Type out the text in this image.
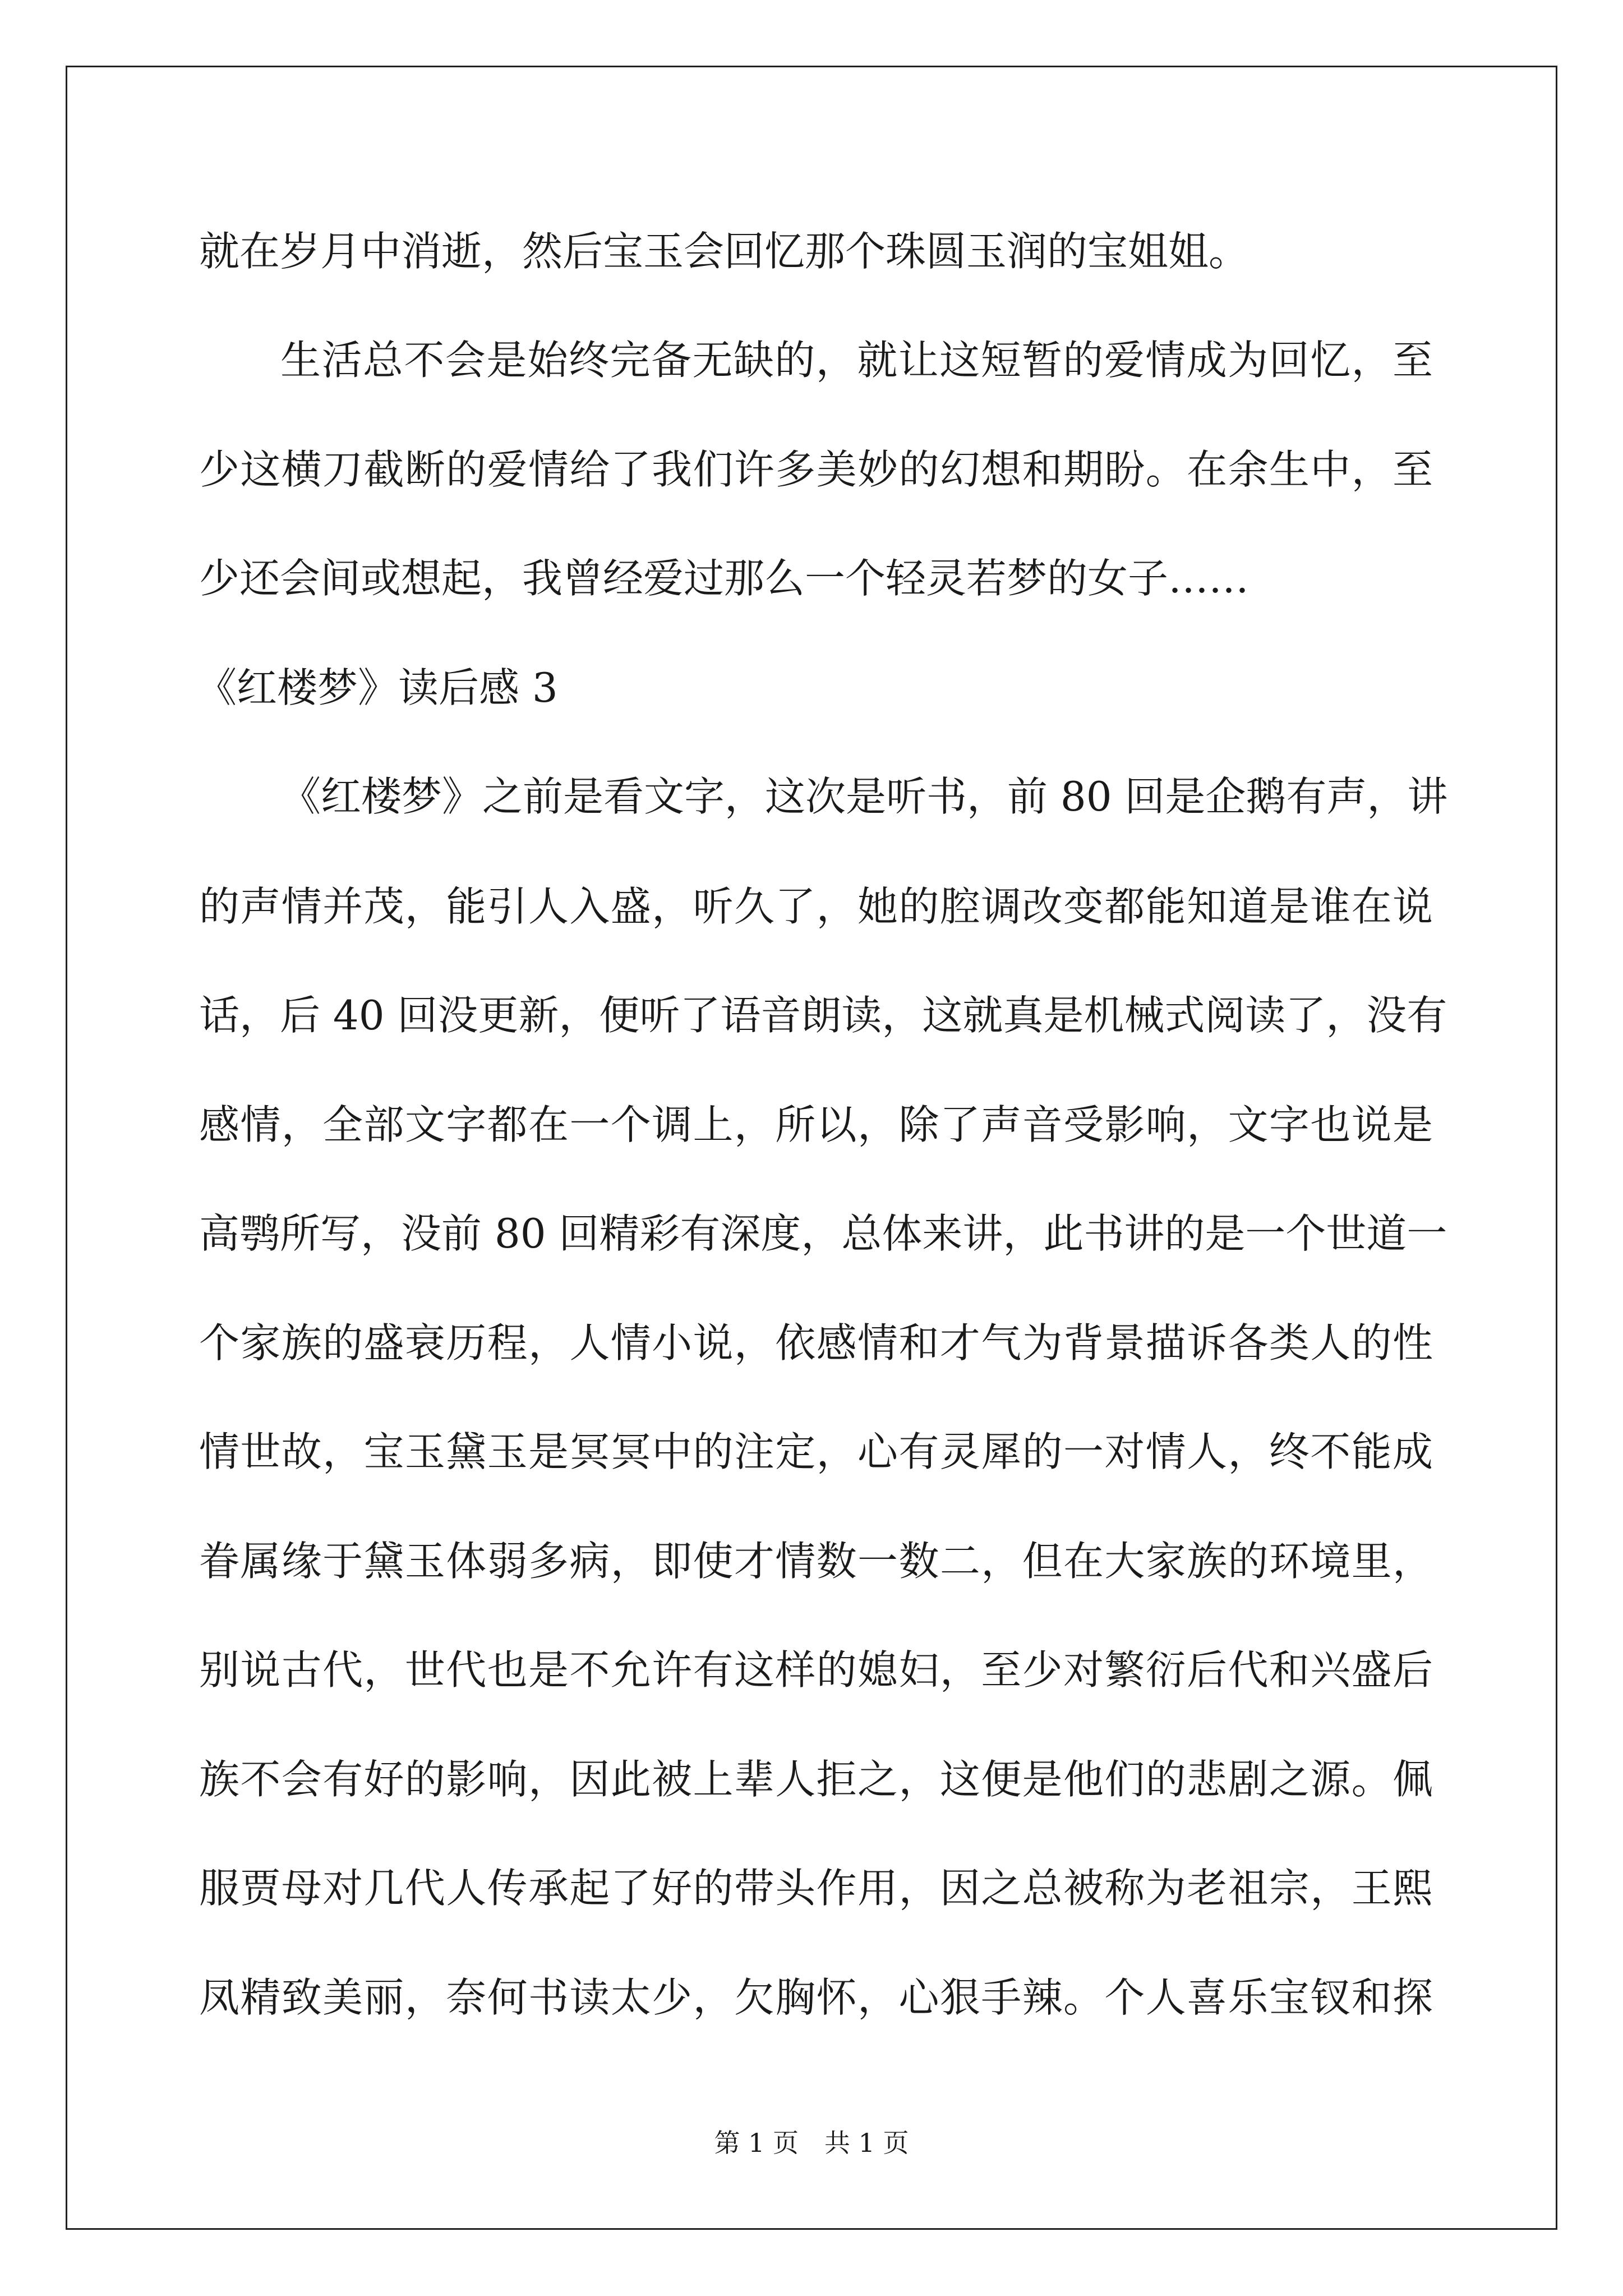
就在岁月中消逝，然后宝玉会回忆那个珠圆玉润的宝姐姐。
生活总不会是始终完备无缺的，就让这短暂的爱情成为回忆，至
少这横刀截断的爱情给了我们许多美妙的幻想和期盼。在余生中，至
少还会间或想起，我曾经爱过那么一个轻灵若梦的女子……
《红楼梦》读后感 3
《红楼梦》之前是看文字，这次是听书，前 80 回是企鹅有声，讲
的声情并茂，能引人入盛，听久了，她的腔调改变都能知道是谁在说
话，后 40 回没更新，便听了语音朗读，这就真是机械式阅读了，没有
感情，全部文字都在一个调上，所以，除了声音受影响，文字也说是
高鹗所写，没前 80 回精彩有深度，总体来讲，此书讲的是一个世道一
个家族的盛衰历程，人情小说，依感情和才气为背景描诉各类人的性
情世故，宝玉黛玉是冥冥中的注定，心有灵犀的一对情人，终不能成
眷属缘于黛玉体弱多病，即使才情数一数二，但在大家族的环境里，
别说古代，世代也是不允许有这样的媳妇，至少对繁衍后代和兴盛后
族不会有好的影响，因此被上辈人拒之，这便是他们的悲剧之源。佩
服贾母对几代人传承起了好的带头作用，因之总被称为老祖宗，王熙
凤精致美丽，奈何书读太少，欠胸怀，心狠手辣。个人喜乐宝钗和探
第 1 页　共 1 页
